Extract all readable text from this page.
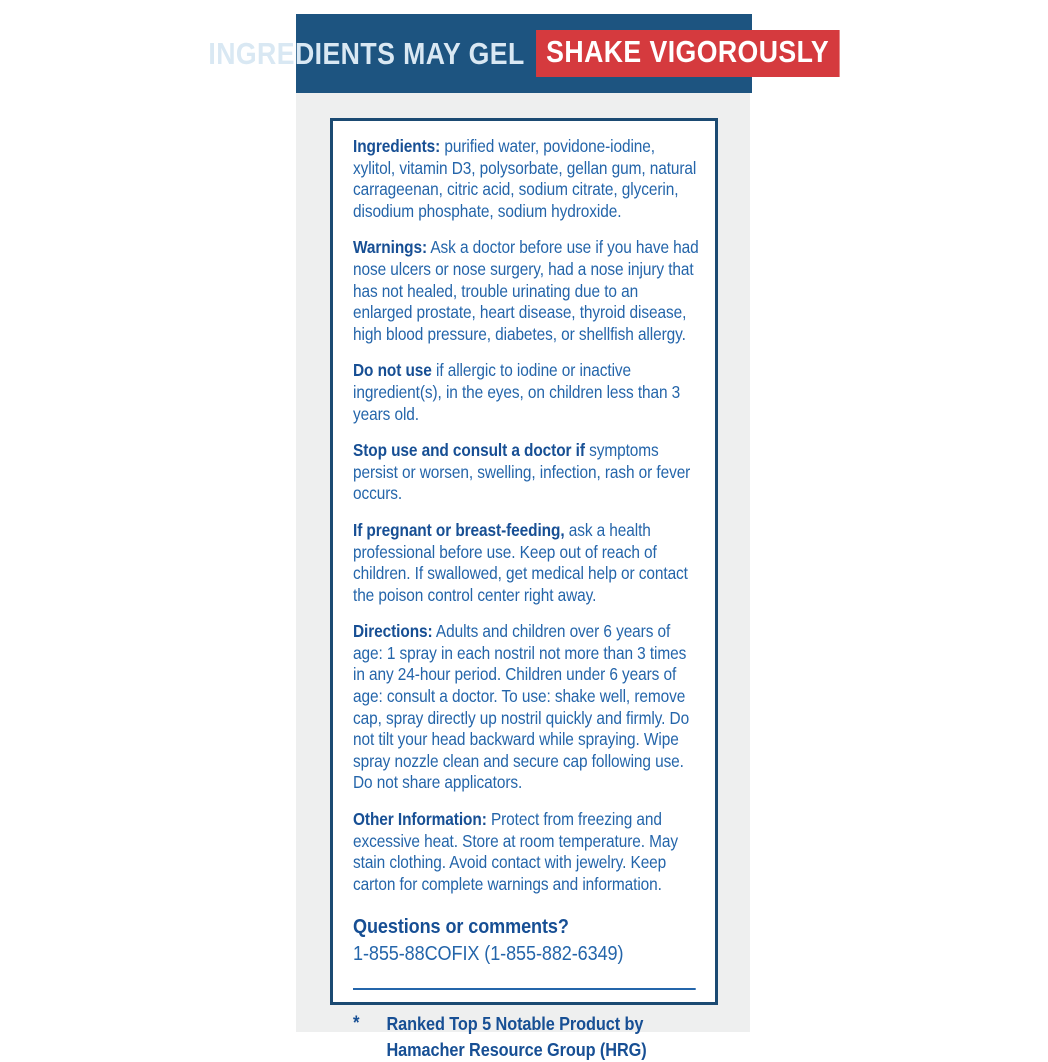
INGREDIENTS MAY GEL SHAKE VIGOROUSLY

Ingredients: purified water, povidone-iodine, xylitol, vitamin D3, polysorbate, gellan gum, natural carrageenan, citric acid, sodium citrate, glycerin, disodium phosphate, sodium hydroxide.

Warnings: Ask a doctor before use if you have had nose ulcers or nose surgery, had a nose injury that has not healed, trouble urinating due to an enlarged prostate, heart disease, thyroid disease, high blood pressure, diabetes, or shellfish allergy.

Do not use if allergic to iodine or inactive ingredient(s), in the eyes, on children less than 3 years old.

Stop use and consult a doctor if symptoms persist or worsen, swelling, infection, rash or fever occurs.

If pregnant or breast-feeding, ask a health professional before use. Keep out of reach of children. If swallowed, get medical help or contact the poison control center right away.

Directions: Adults and children over 6 years of age: 1 spray in each nostril not more than 3 times in any 24-hour period. Children under 6 years of age: consult a doctor. To use: shake well, remove cap, spray directly up nostril quickly and firmly. Do not tilt your head backward while spraying. Wipe spray nozzle clean and secure cap following use. Do not share applicators.

Other Information: Protect from freezing and excessive heat. Store at room temperature. May stain clothing. Avoid contact with jewelry. Keep carton for complete warnings and information.

Questions or comments?
1-855-88COFIX (1-855-882-6349)
*	Ranked Top 5 Notable Product by
Hamacher Resource Group (HRG)
